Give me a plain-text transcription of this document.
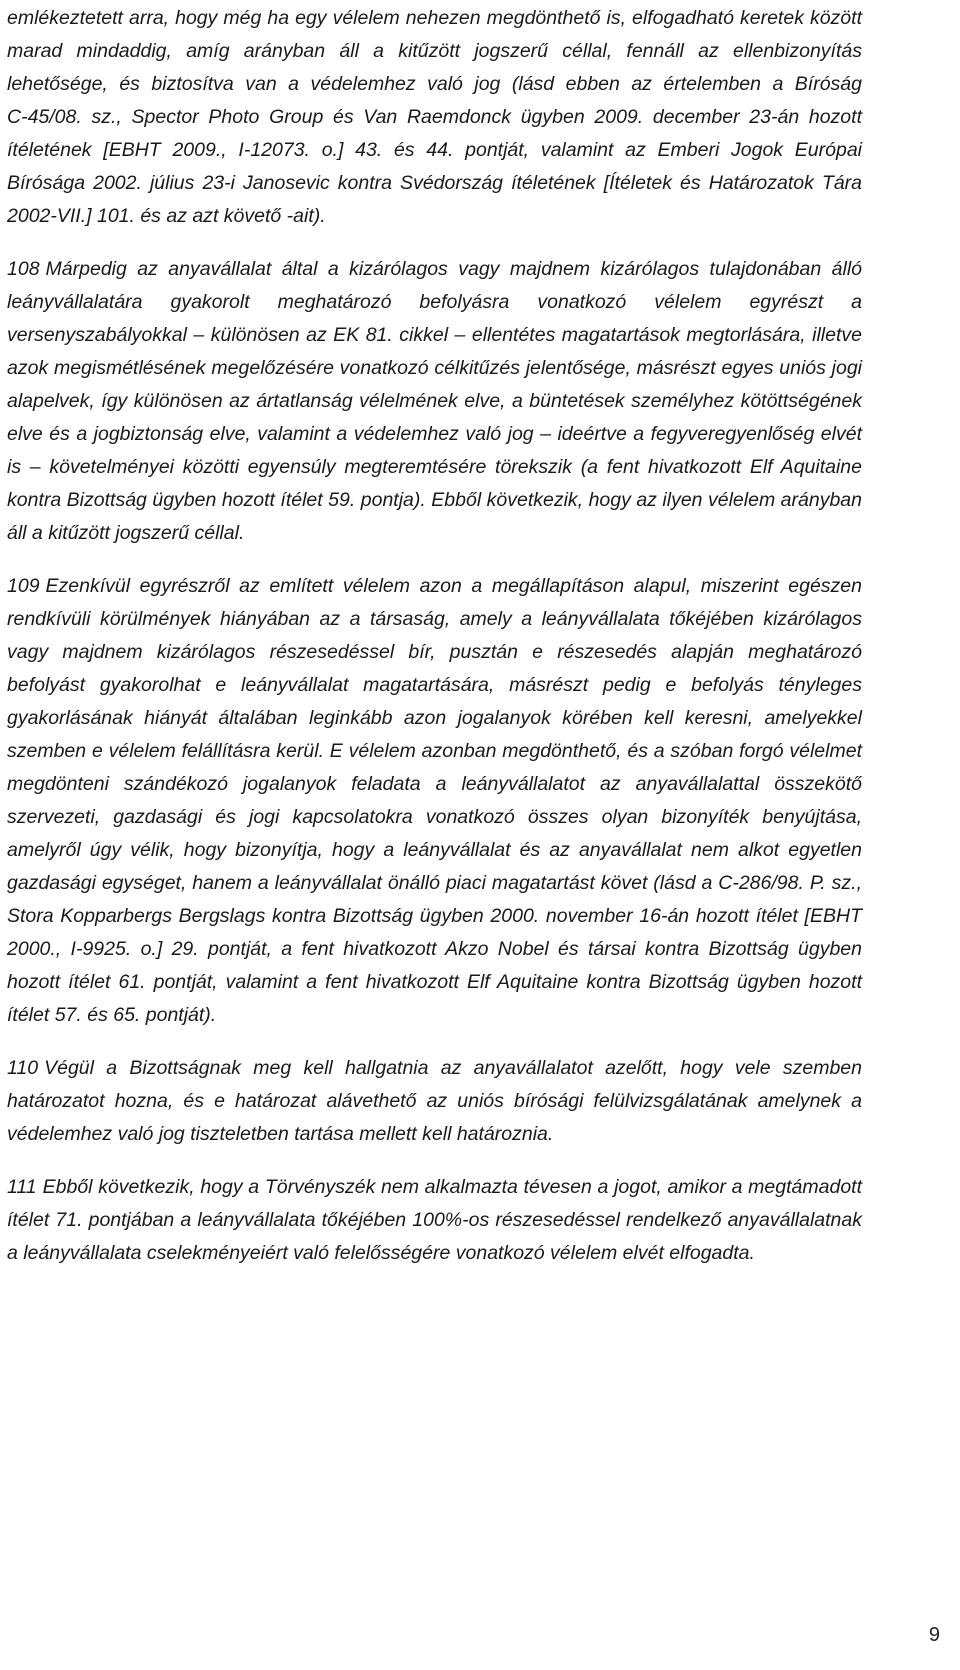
emlékeztetett arra, hogy még ha egy vélelem nehezen megdönthető is, elfogadható keretek között marad mindaddig, amíg arányban áll a kitűzött jogszerű céllal, fennáll az ellenbizonyítás lehetősége, és biztosítva van a védelemhez való jog (lásd ebben az értelemben a Bíróság C‑45/08. sz., Spector Photo Group és Van Raemdonck ügyben 2009. december 23‑án hozott ítéletének [EBHT 2009., I‑12073. o.] 43. és 44. pontját, valamint az Emberi Jogok Európai Bírósága 2002. július 23‑i Janosevic kontra Svédország ítéletének [Ítéletek és Határozatok Tára 2002‑VII.] 101. és az azt követő ‑ait).

108 Márpedig az anyavállalat által a kizárólagos vagy majdnem kizárólagos tulajdonában álló leányvállalatára gyakorolt meghatározó befolyásra vonatkozó vélelem egyrészt a versenyszabályokkal – különösen az EK 81. cikkel – ellentétes magatartások megtorlására, illetve azok megismétlésének megelőzésére vonatkozó célkitűzés jelentősége, másrészt egyes uniós jogi alapelvek, így különösen az ártatlanság vélelmének elve, a büntetések személyhez kötöttségének elve és a jogbiztonság elve, valamint a védelemhez való jog – ideértve a fegyveregyenlőség elvét is – követelményei közötti egyensúly megteremtésére törekszik (a fent hivatkozott Elf Aquitaine kontra Bizottság ügyben hozott ítélet 59. pontja). Ebből következik, hogy az ilyen vélelem arányban áll a kitűzött jogszerű céllal.

109 Ezenkívül egyrészről az említett vélelem azon a megállapításon alapul, miszerint egészen rendkívüli körülmények hiányában az a társaság, amely a leányvállalata tőkéjében kizárólagos vagy majdnem kizárólagos részesedéssel bír, pusztán e részesedés alapján meghatározó befolyást gyakorolhat e leányvállalat magatartására, másrészt pedig e befolyás tényleges gyakorlásának hiányát általában leginkább azon jogalanyok körében kell keresni, amelyekkel szemben e vélelem felállításra kerül. E vélelem azonban megdönthető, és a szóban forgó vélelmet megdönteni szándékozó jogalanyok feladata a leányvállalatot az anyavállalattal összekötő szervezeti, gazdasági és jogi kapcsolatokra vonatkozó összes olyan bizonyíték benyújtása, amelyről úgy vélik, hogy bizonyítja, hogy a leányvállalat és az anyavállalat nem alkot egyetlen gazdasági egységet, hanem a leányvállalat önálló piaci magatartást követ (lásd a C‑286/98. P. sz., Stora Kopparbergs Bergslags kontra Bizottság ügyben 2000. november 16‑án hozott ítélet [EBHT 2000., I‑9925. o.] 29. pontját, a fent hivatkozott Akzo Nobel és társai kontra Bizottság ügyben hozott ítélet 61. pontját, valamint a fent hivatkozott Elf Aquitaine kontra Bizottság ügyben hozott ítélet 57. és 65. pontját).

110 Végül a Bizottságnak meg kell hallgatnia az anyavállalatot azelőtt, hogy vele szemben határozatot hozna, és e határozat alávethető az uniós bírósági felülvizsgálatának amelynek a védelemhez való jog tiszteletben tartása mellett kell határoznia.

111 Ebből következik, hogy a Törvényszék nem alkalmazta tévesen a jogot, amikor a megtámadott ítélet 71. pontjában a leányvállalata tőkéjében 100%‑os részesedéssel rendelkező anyavállalatnak a leányvállalata cselekményeiért való felelősségére vonatkozó vélelem elvét elfogadta.

9
